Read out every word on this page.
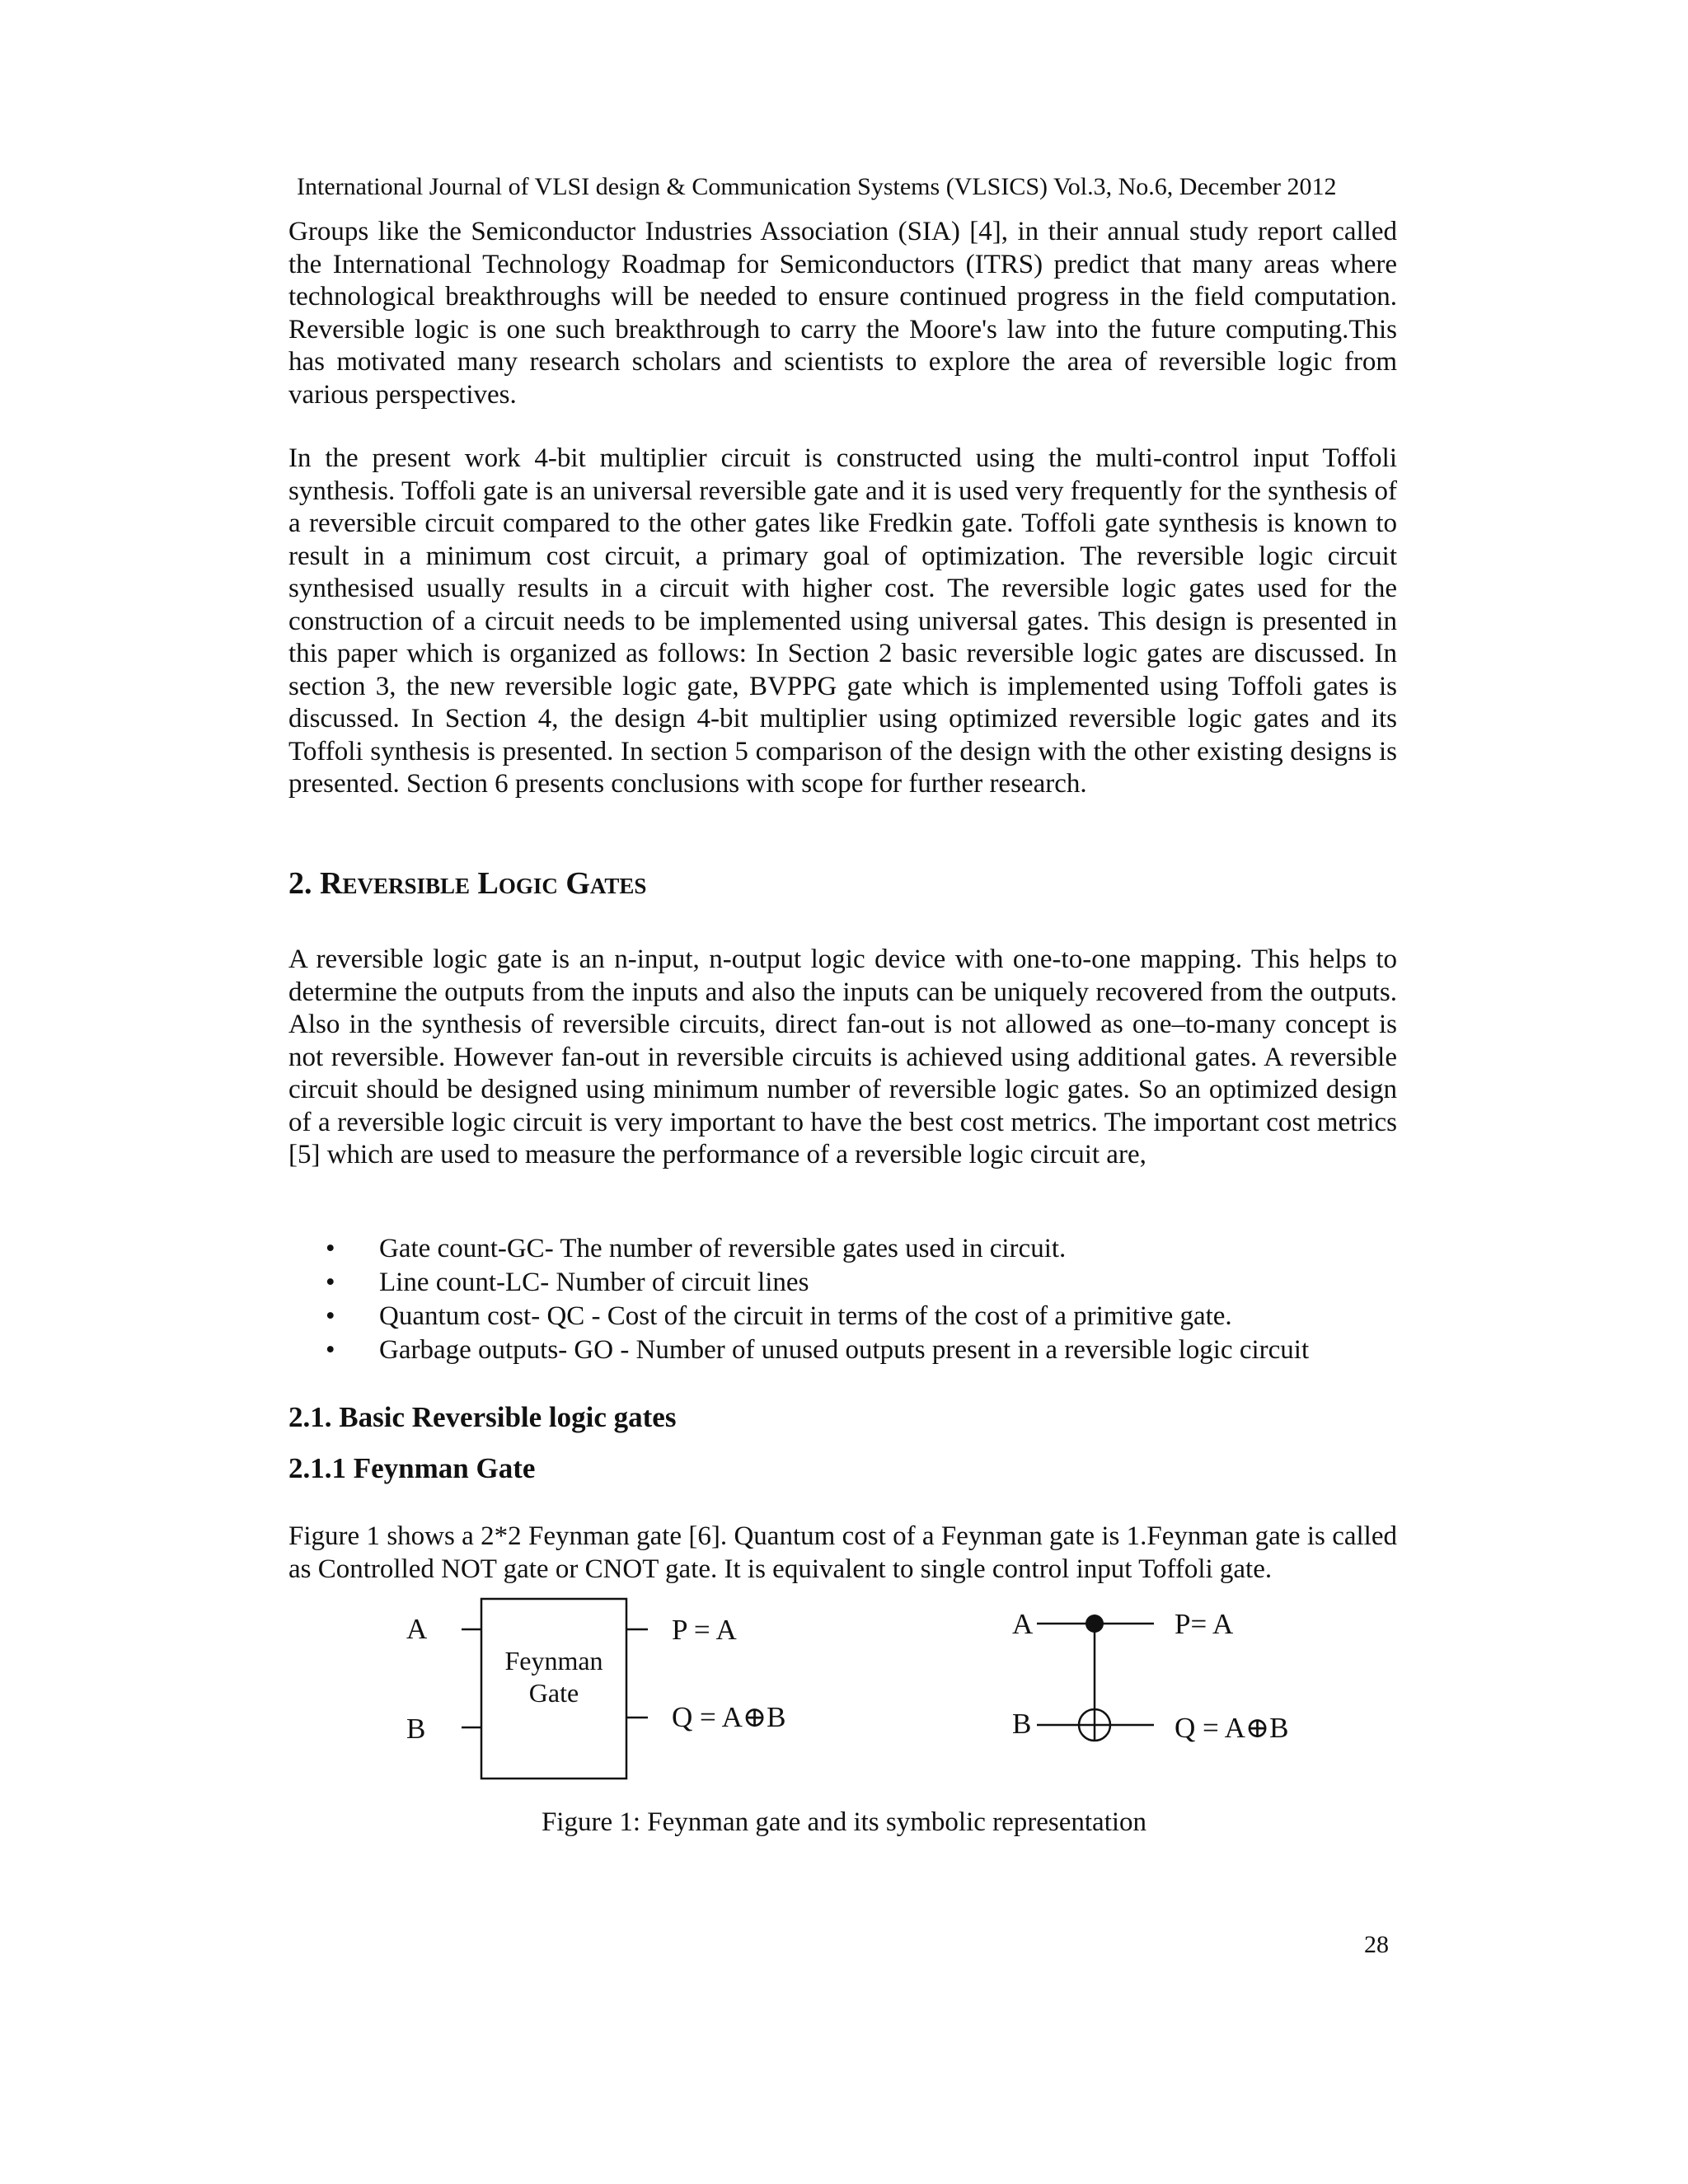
International Journal of VLSI design & Communication Systems (VLSICS) Vol.3, No.6, December 2012
Groups like the Semiconductor Industries Association (SIA) [4], in their annual study report called the International Technology Roadmap for Semiconductors (ITRS) predict that many areas where technological breakthroughs will be needed to ensure continued progress in the field computation. Reversible logic is one such breakthrough to carry the Moore's law into the future computing.This has motivated many research scholars and scientists to explore the area of reversible logic from various perspectives.
In the present work 4-bit multiplier circuit is constructed using the multi-control input Toffoli synthesis. Toffoli gate is an universal reversible gate and it is used very frequently for the synthesis of a reversible circuit compared to the other gates like Fredkin gate. Toffoli gate synthesis is known to result in a minimum cost circuit, a primary goal of optimization. The reversible logic circuit synthesised usually results in a circuit with higher cost. The reversible logic gates used for the construction of a circuit needs to be implemented using universal gates. This design is presented in this paper which is organized as follows: In Section 2 basic reversible logic gates are discussed. In section 3, the new reversible logic gate, BVPPG gate which is implemented using Toffoli gates is discussed. In Section 4, the design 4-bit multiplier using optimized reversible logic gates and its Toffoli synthesis is presented. In section 5 comparison of the design with the other existing designs is presented. Section 6 presents conclusions with scope for further research.
2. Reversible Logic Gates
A reversible logic gate is an n-input, n-output logic device with one-to-one mapping. This helps to determine the outputs from the inputs and also the inputs can be uniquely recovered from the outputs. Also in the synthesis of reversible circuits, direct fan-out is not allowed as one–to-many concept is not reversible. However fan-out in reversible circuits is achieved using additional gates. A reversible circuit should be designed using minimum number of reversible logic gates. So an optimized design of a reversible logic circuit is very important to have the best cost metrics. The important cost metrics [5] which are used to measure the performance of a reversible logic circuit are,
• Gate count-GC- The number of reversible gates used in circuit.
• Line count-LC- Number of circuit lines
• Quantum cost- QC - Cost of the circuit in terms of the cost of a primitive gate.
• Garbage outputs- GO - Number of unused outputs present in a reversible logic circuit
2.1. Basic Reversible logic gates
2.1.1 Feynman Gate
Figure 1 shows a 2*2 Feynman gate [6]. Quantum cost of a Feynman gate is 1.Feynman gate is called as Controlled NOT gate or CNOT gate. It is equivalent to single control input Toffoli gate.
A
B
Feynman
Gate
P = A
Q = A⊕B
A
B
P= A
Q = A⊕B
Figure 1: Feynman gate and its symbolic representation
28
